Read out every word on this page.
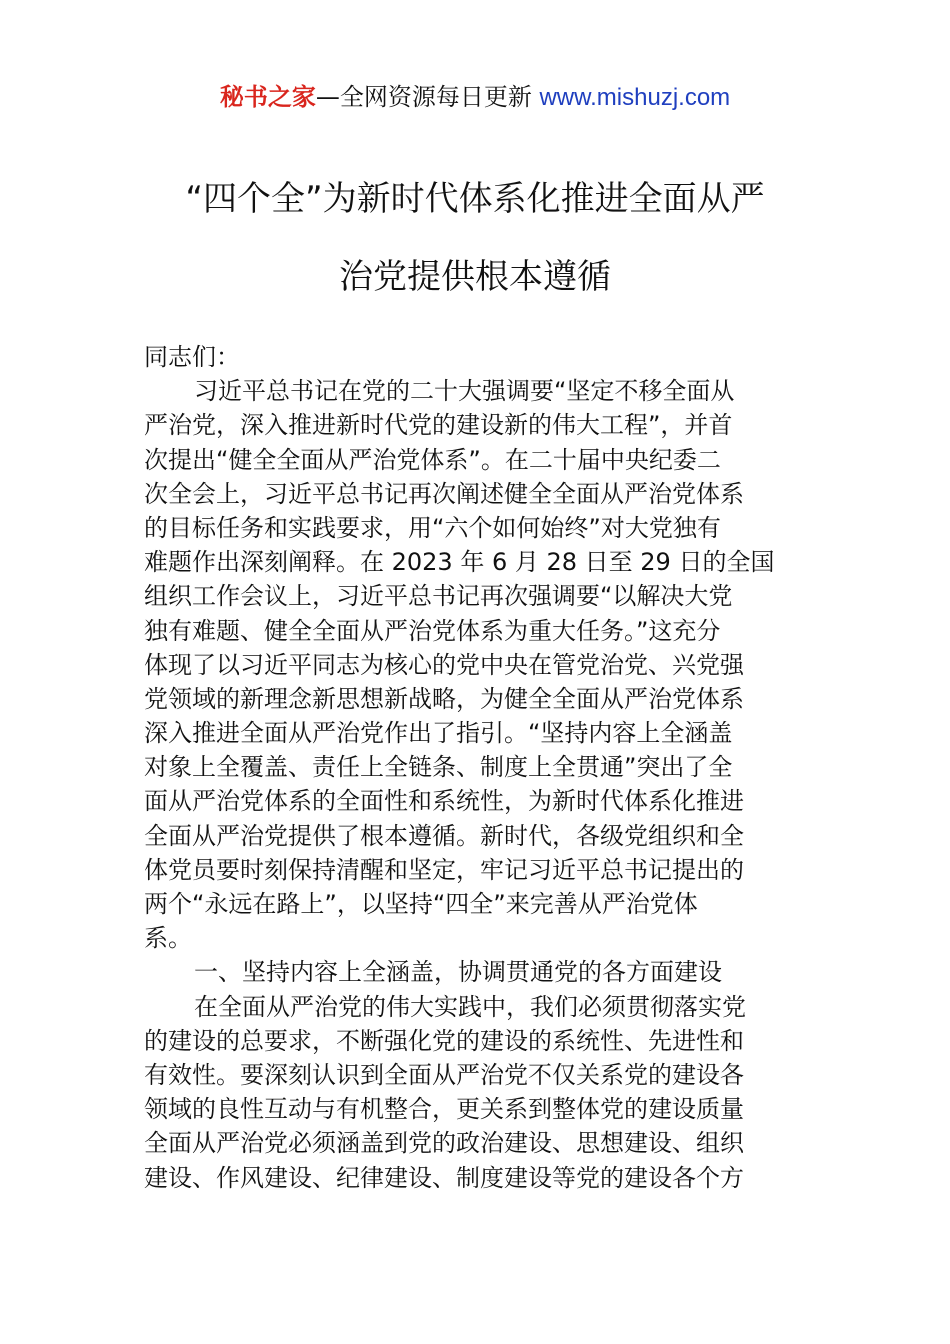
秘书之家—全网资源每日更新 www.mishuzj.com
“四个全”为新时代体系化推进全面从严
治党提供根本遵循
同志们：
习近平总书记在党的二十大强调要“坚定不移全面从
严治党，深入推进新时代党的建设新的伟大工程”，并首
次提出“健全全面从严治党体系”。在二十届中央纪委二
次全会上，习近平总书记再次阐述健全全面从严治党体系
的目标任务和实践要求，用“六个如何始终”对大党独有
难题作出深刻阐释。在 2023 年 6 月 28 日至 29 日的全国
组织工作会议上，习近平总书记再次强调要“以解决大党
独有难题、健全全面从严治党体系为重大任务。”这充分
体现了以习近平同志为核心的党中央在管党治党、兴党强
党领域的新理念新思想新战略，为健全全面从严治党体系
深入推进全面从严治党作出了指引。“坚持内容上全涵盖
对象上全覆盖、责任上全链条、制度上全贯通”突出了全
面从严治党体系的全面性和系统性，为新时代体系化推进
全面从严治党提供了根本遵循。新时代，各级党组织和全
体党员要时刻保持清醒和坚定，牢记习近平总书记提出的
两个“永远在路上”，以坚持“四全”来完善从严治党体
系。
一、坚持内容上全涵盖，协调贯通党的各方面建设
在全面从严治党的伟大实践中，我们必须贯彻落实党
的建设的总要求，不断强化党的建设的系统性、先进性和
有效性。要深刻认识到全面从严治党不仅关系党的建设各
领域的良性互动与有机整合，更关系到整体党的建设质量
全面从严治党必须涵盖到党的政治建设、思想建设、组织
建设、作风建设、纪律建设、制度建设等党的建设各个方
